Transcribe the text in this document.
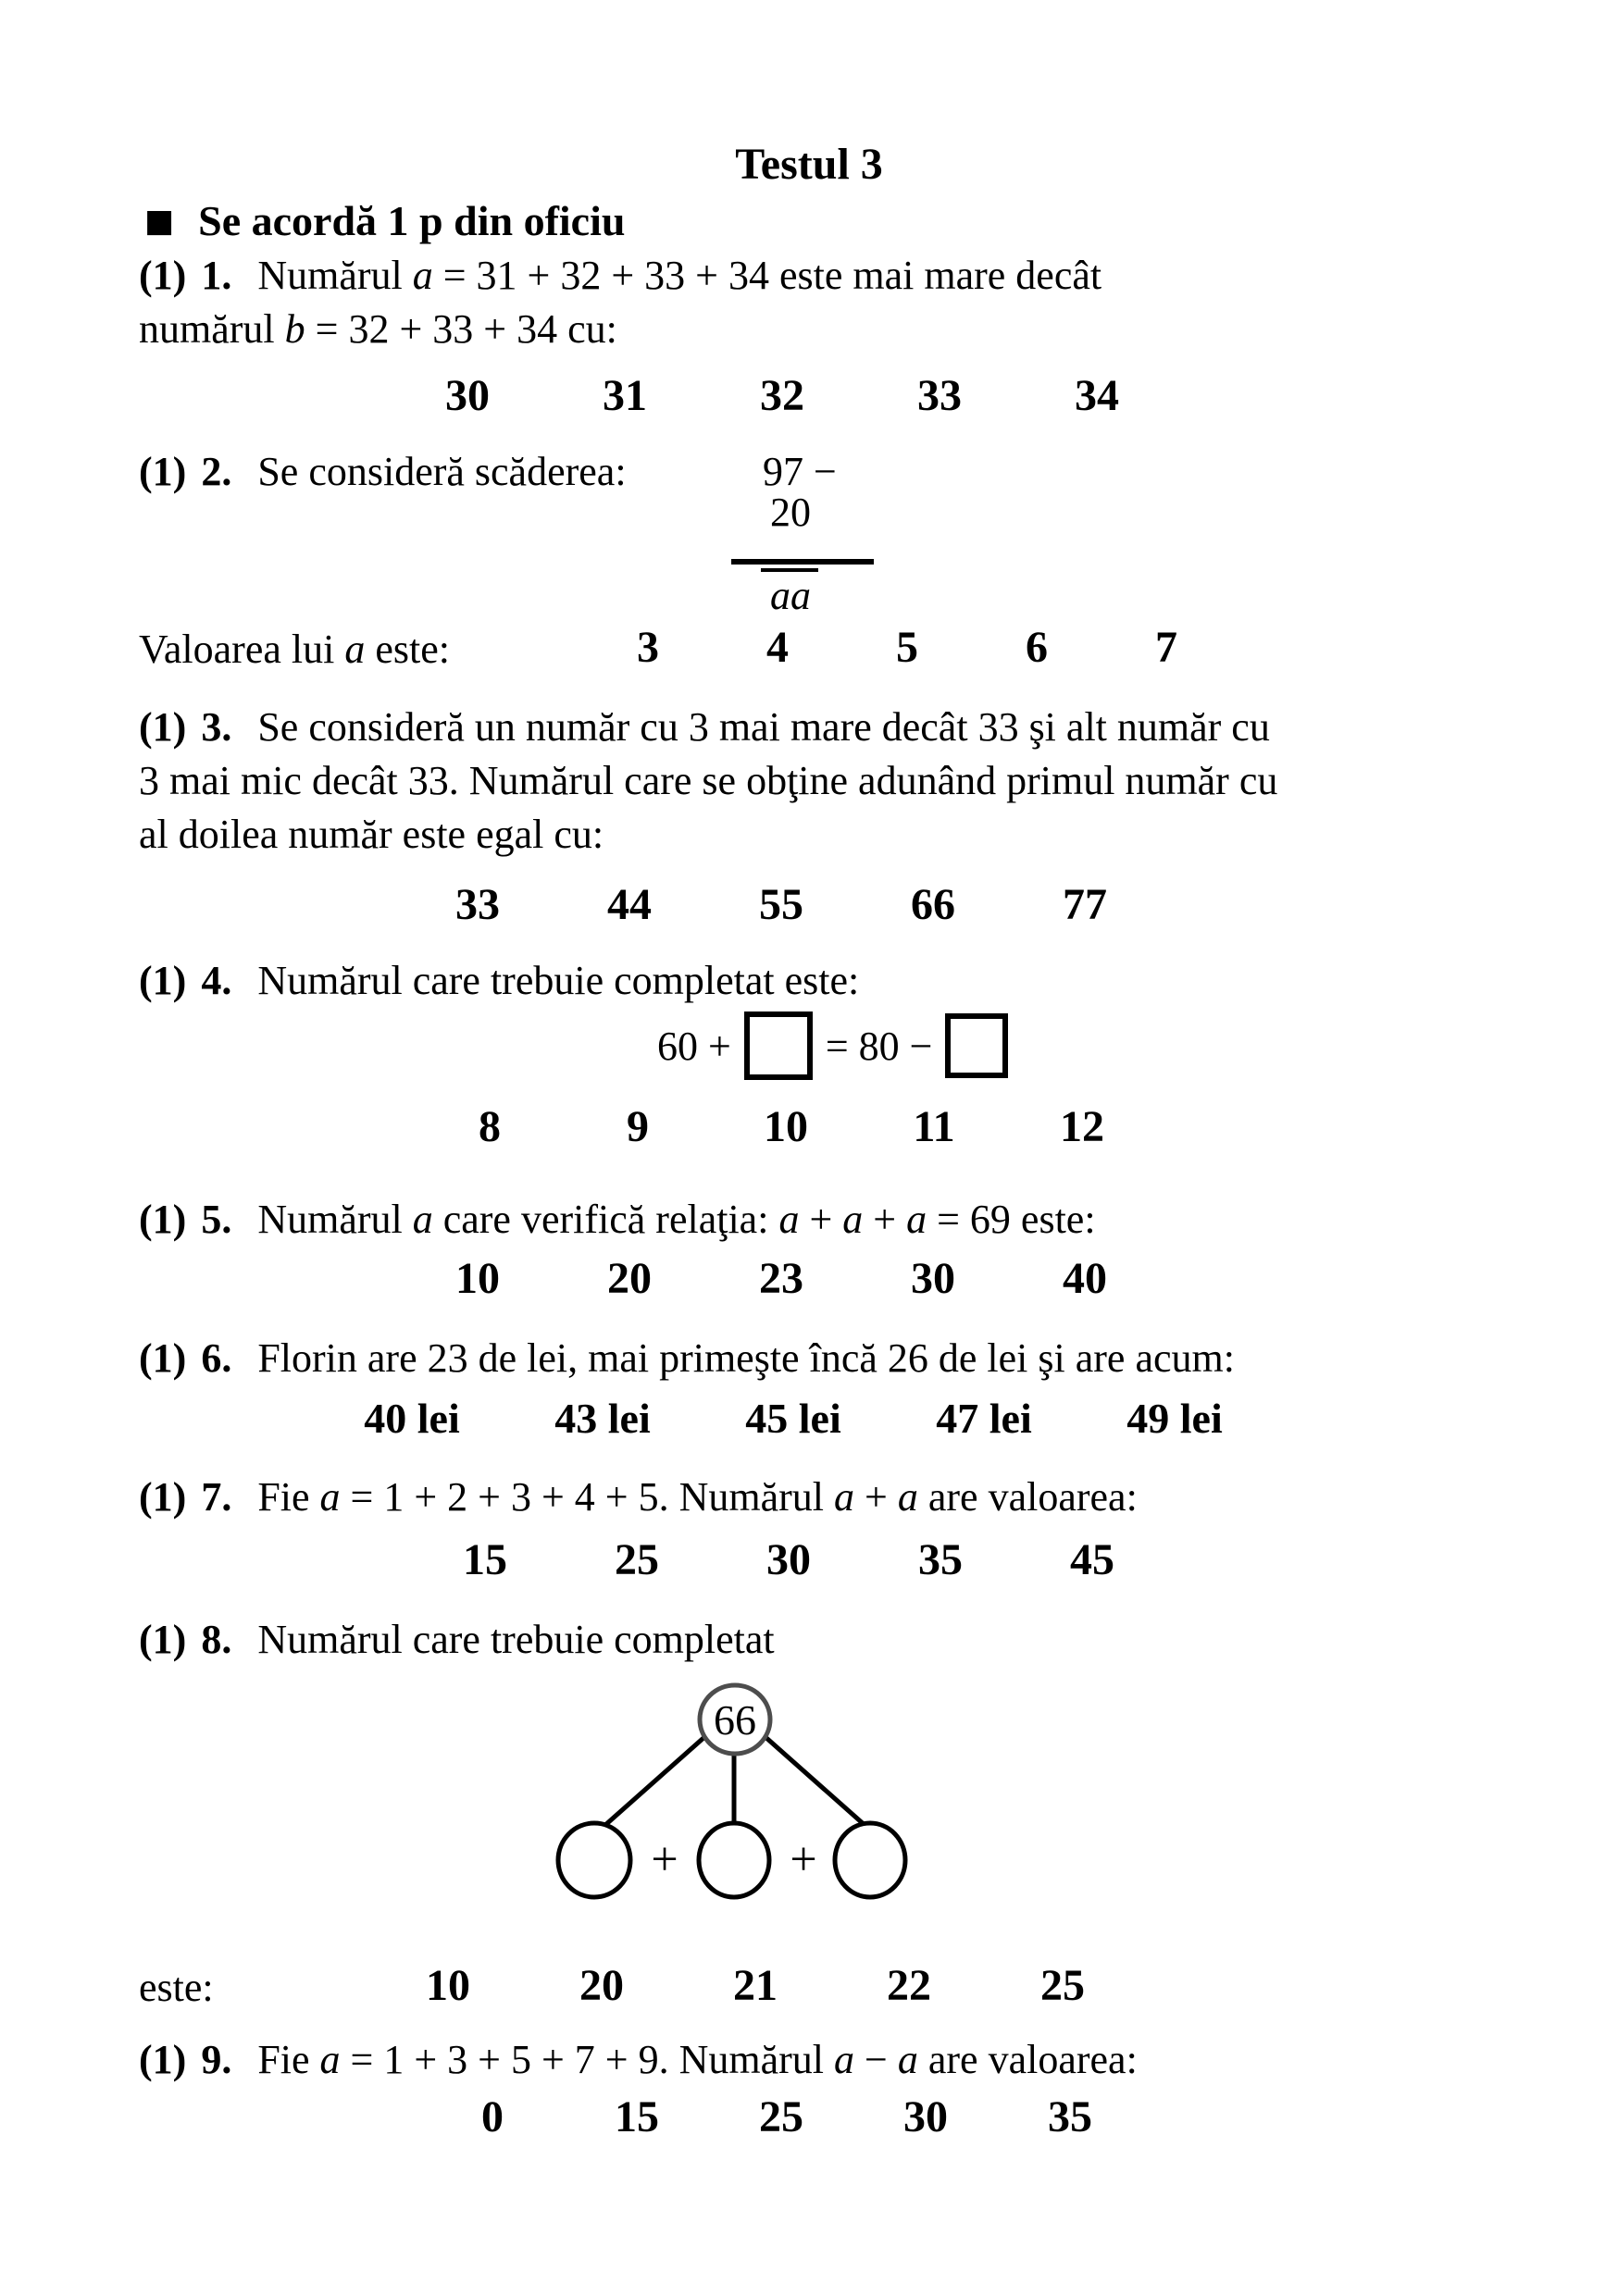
Testul 3
■ Se acordă 1 p din oficiu
(1) 1. Numărul a = 31 + 32 + 33 + 34 este mai mare decât
numărul b = 32 + 33 + 34 cu:
30	31	32	33	34
(1) 2. Se consideră scăderea:	97 −
20
aa
Valoarea lui a este:	3	4	5	6	7
(1) 3. Se consideră un număr cu 3 mai mare decât 33 şi alt număr cu
3 mai mic decât 33. Numărul care se obţine adunând primul număr cu
al doilea număr este egal cu:
33 44 55 66 77
(1) 4. Numărul care trebuie completat este:
60 + = 80 −
8	9	10 11 12
(1) 5. Numărul a care verifică relaţia: a + a + a = 69 este:
10 20 23 30 40
(1) 6. Florin are 23 de lei, mai primeşte încă 26 de lei şi are acum:
40 lei	43 lei	45 lei	47 lei	49 lei
(1) 7. Fie a = 1 + 2 + 3 + 4 + 5. Numărul a + a are valoarea:
15 25 30 35 45
(1) 8. Numărul care trebuie completat
66
+ +
este:	10 20 21 22 25
(1) 9. Fie a = 1 + 3 + 5 + 7 + 9. Numărul a − a are valoarea:
0	15 25 30 35
